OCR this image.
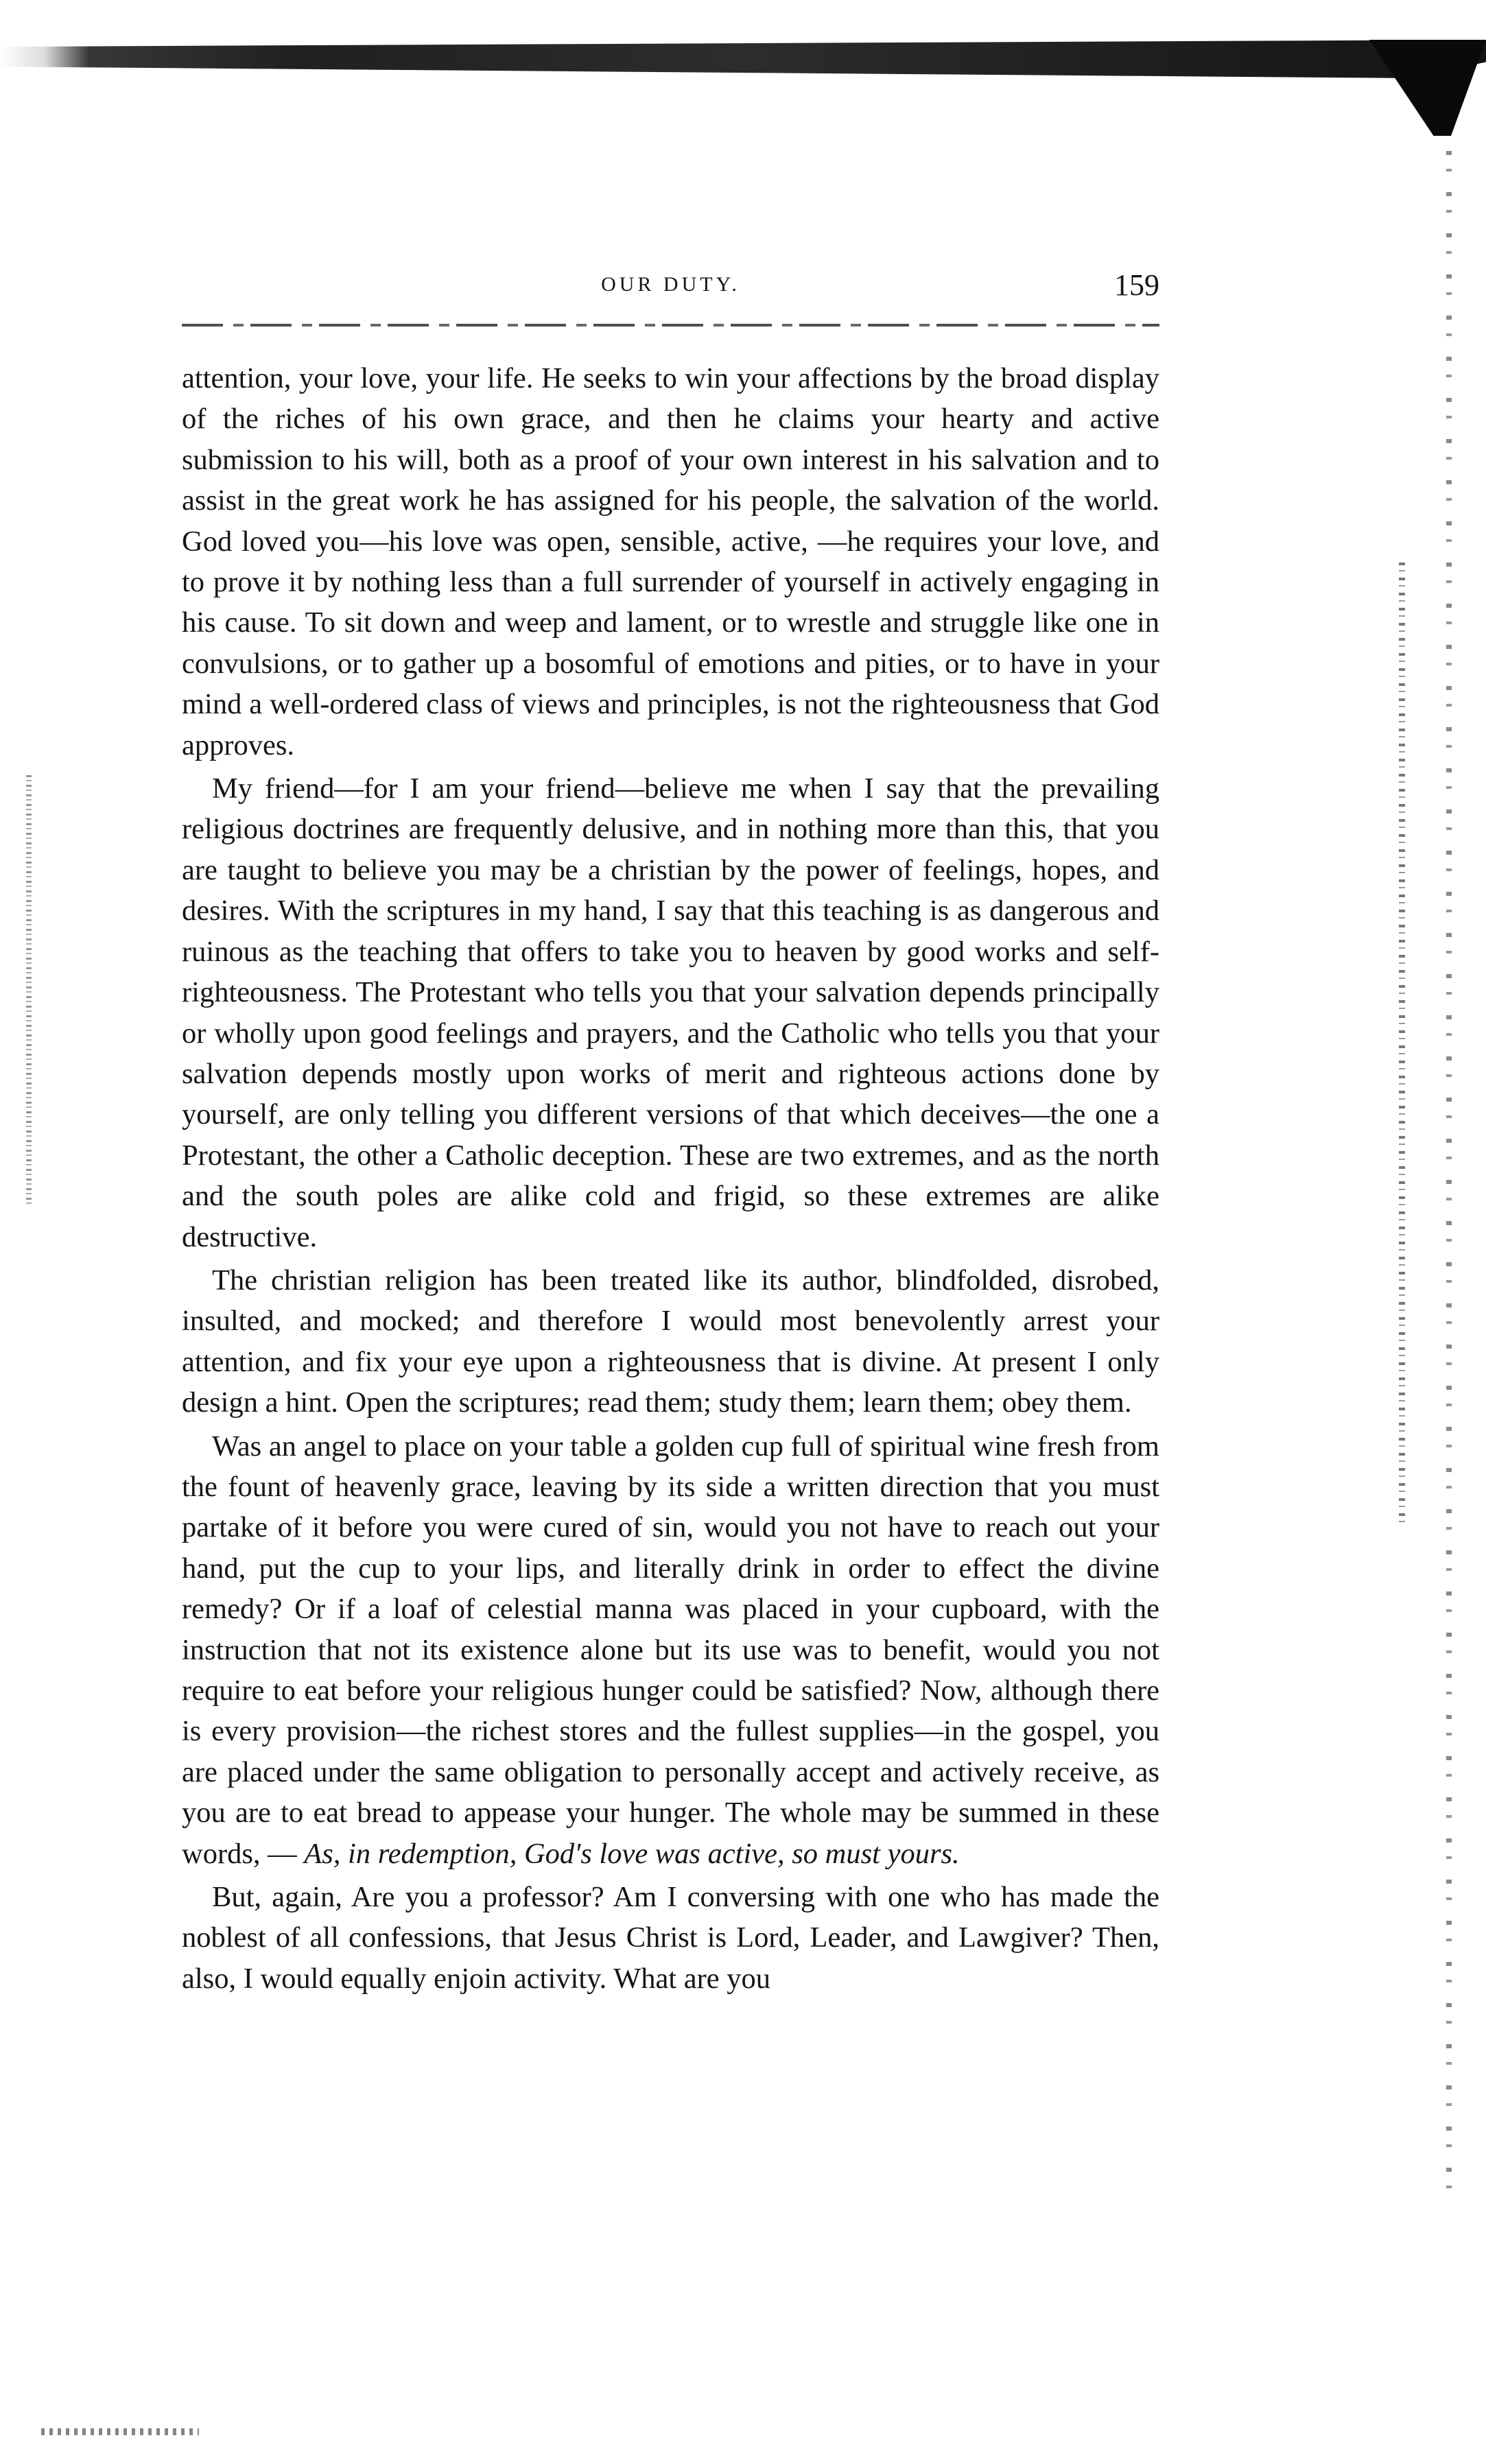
OUR DUTY.	159

attention, your love, your life. He seeks to win your affections by the broad display of the riches of his own grace, and then he claims your hearty and active submission to his will, both as a proof of your own interest in his salvation and to assist in the great work he has assigned for his people, the salvation of the world. God loved you—his love was open, sensible, active, —he requires your love, and to prove it by nothing less than a full surrender of yourself in actively engaging in his cause. To sit down and weep and lament, or to wrestle and struggle like one in convulsions, or to gather up a bosomful of emotions and pities, or to have in your mind a well-ordered class of views and principles, is not the righteousness that God approves.

My friend—for I am your friend—believe me when I say that the prevailing religious doctrines are frequently delusive, and in nothing more than this, that you are taught to believe you may be a christian by the power of feelings, hopes, and desires. With the scriptures in my hand, I say that this teaching is as dangerous and ruinous as the teaching that offers to take you to heaven by good works and self-righteousness. The Protestant who tells you that your salvation depends principally or wholly upon good feelings and prayers, and the Catholic who tells you that your salvation depends mostly upon works of merit and righteous actions done by yourself, are only telling you different versions of that which deceives—the one a Protestant, the other a Catholic deception. These are two extremes, and as the north and the south poles are alike cold and frigid, so these extremes are alike destructive.

The christian religion has been treated like its author, blindfolded, disrobed, insulted, and mocked; and therefore I would most benevolently arrest your attention, and fix your eye upon a righteousness that is divine. At present I only design a hint. Open the scriptures; read them; study them; learn them; obey them.

Was an angel to place on your table a golden cup full of spiritual wine fresh from the fount of heavenly grace, leaving by its side a written direction that you must partake of it before you were cured of sin, would you not have to reach out your hand, put the cup to your lips, and literally drink in order to effect the divine remedy? Or if a loaf of celestial manna was placed in your cupboard, with the instruction that not its existence alone but its use was to benefit, would you not require to eat before your religious hunger could be satisfied? Now, although there is every provision—the richest stores and the fullest supplies—in the gospel, you are placed under the same obligation to personally accept and actively receive, as you are to eat bread to appease your hunger. The whole may be summed in these words, — As, in redemption, God's love was active, so must yours.

But, again, Are you a professor? Am I conversing with one who has made the noblest of all confessions, that Jesus Christ is Lord, Leader, and Lawgiver? Then, also, I would equally enjoin activity. What are you
